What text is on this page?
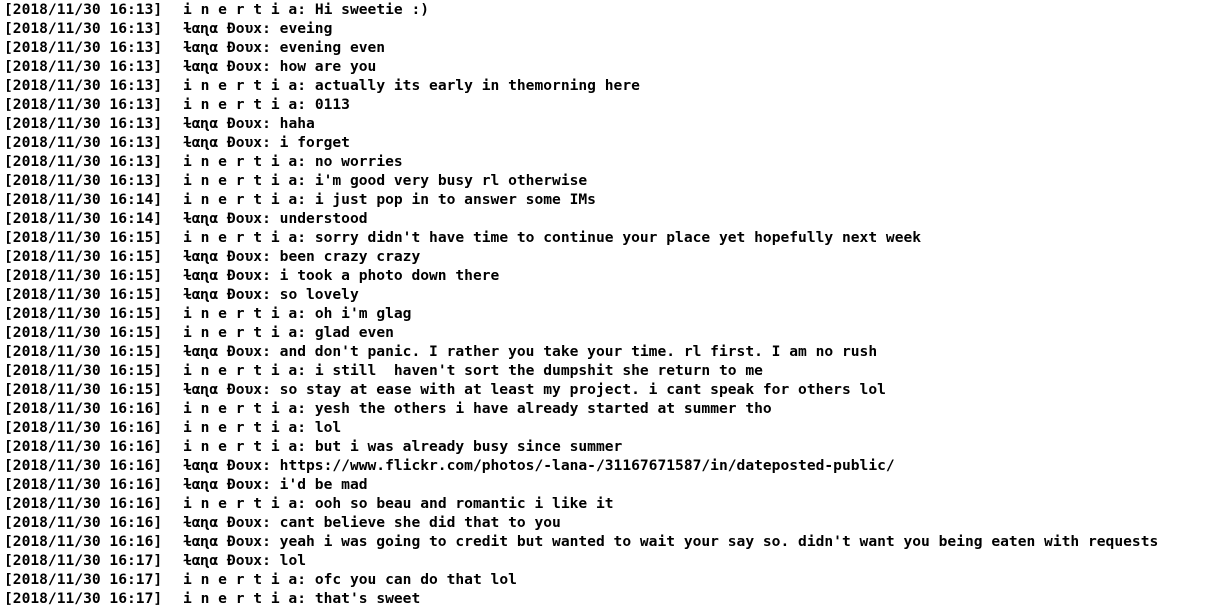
[2018/11/30 16:13]	i n e r t i a : Hi sweetie :)
[2018/11/30 16:13]	ɫαɳα Đουx : eveing
[2018/11/30 16:13]	ɫαɳα Đουx : evening even
[2018/11/30 16:13]	ɫαɳα Đουx : how are you
[2018/11/30 16:13]	i n e r t i a : actually its early in themorning here
[2018/11/30 16:13]	i n e r t i a : 0113
[2018/11/30 16:13]	ɫαɳα Đουx : haha
[2018/11/30 16:13]	ɫαɳα Đουx : i forget
[2018/11/30 16:13]	i n e r t i a : no worries
[2018/11/30 16:13]	i n e r t i a : i'm good very busy rl otherwise
[2018/11/30 16:14]	i n e r t i a : i just pop in to answer some IMs
[2018/11/30 16:14]	ɫαɳα Đουx : understood
[2018/11/30 16:15]	i n e r t i a : sorry didn't have time to continue your place yet hopefully next week
[2018/11/30 16:15]	ɫαɳα Đουx : been crazy crazy
[2018/11/30 16:15]	ɫαɳα Đουx : i took a photo down there
[2018/11/30 16:15]	ɫαɳα Đουx : so lovely
[2018/11/30 16:15]	i n e r t i a : oh i'm glag
[2018/11/30 16:15]	i n e r t i a : glad even
[2018/11/30 16:15]	ɫαɳα Đουx : and don't panic. I rather you take your time. rl first. I am no rush
[2018/11/30 16:15]	i n e r t i a : i still  haven't sort the dumpshit she return to me
[2018/11/30 16:15]	ɫαɳα Đουx : so stay at ease with at least my project. i cant speak for others lol
[2018/11/30 16:16]	i n e r t i a : yesh the others i have already started at summer tho
[2018/11/30 16:16]	i n e r t i a : lol
[2018/11/30 16:16]	i n e r t i a : but i was already busy since summer
[2018/11/30 16:16]	ɫαɳα Đουx : https://www.flickr.com/photos/-lana-/31167671587/in/dateposted-public/
[2018/11/30 16:16]	ɫαɳα Đουx : i'd be mad
[2018/11/30 16:16]	i n e r t i a : ooh so beau and romantic i like it
[2018/11/30 16:16]	ɫαɳα Đουx : cant believe she did that to you
[2018/11/30 16:16]	ɫαɳα Đουx : yeah i was going to credit but wanted to wait your say so. didn't want you being eaten with requests
[2018/11/30 16:17]	ɫαɳα Đουx : lol
[2018/11/30 16:17]	i n e r t i a : ofc you can do that lol
[2018/11/30 16:17]	i n e r t i a : that's sweet
